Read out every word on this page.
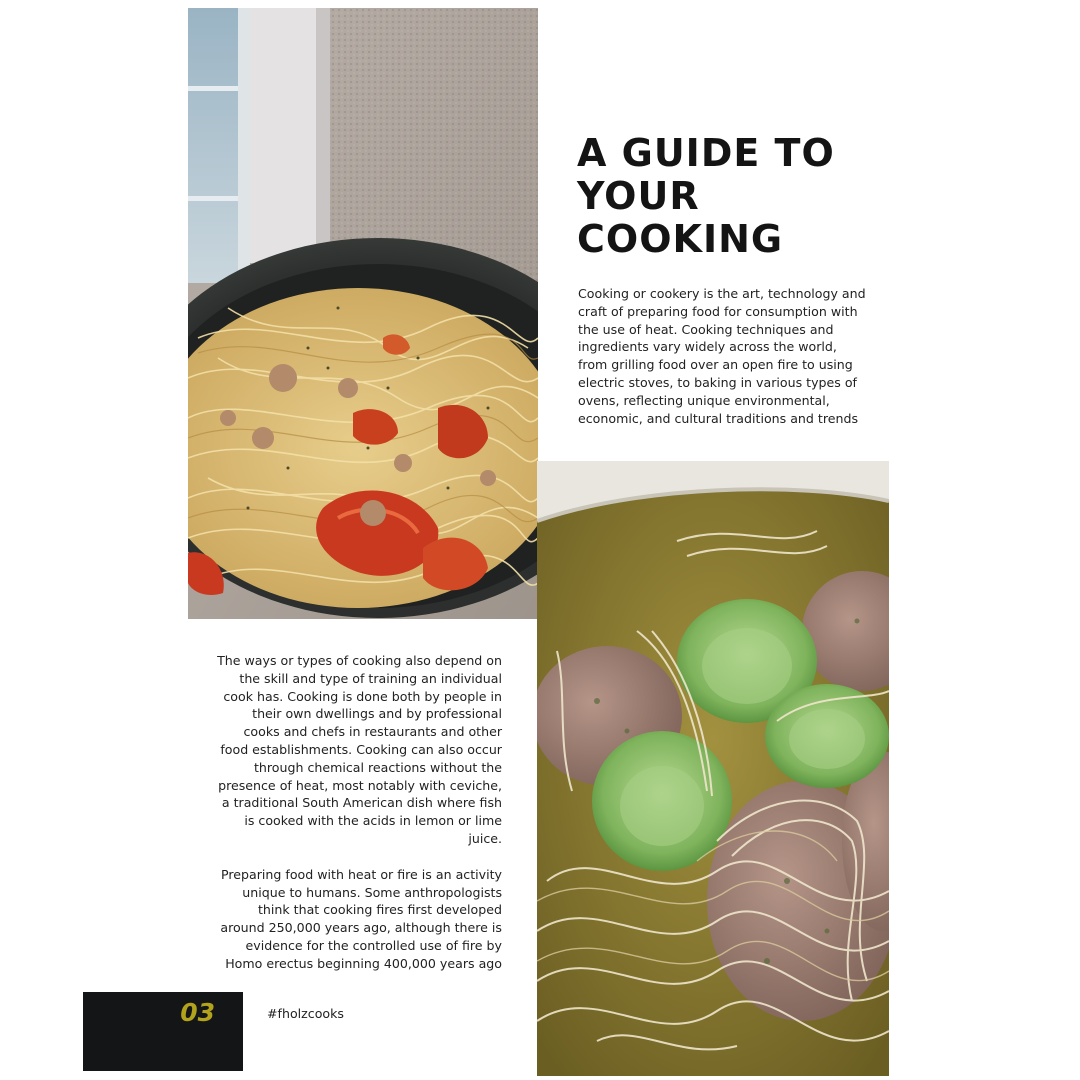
A GUIDE TO YOUR COOKING

Cooking or cookery is the art, technology and craft of preparing food for consumption with the use of heat. Cooking techniques and ingredients vary widely across the world, from grilling food over an open fire to using electric stoves, to baking in various types of ovens, reflecting unique environmental, economic, and cultural traditions and trends

The ways or types of cooking also depend on the skill and type of training an individual cook has. Cooking is done both by people in their own dwellings and by professional cooks and chefs in restaurants and other food establishments. Cooking can also occur through chemical reactions without the presence of heat, most notably with ceviche, a traditional South American dish where fish is cooked with the acids in lemon or lime juice.

Preparing food with heat or fire is an activity unique to humans. Some anthropologists think that cooking fires first developed around 250,000 years ago, although there is evidence for the controlled use of fire by Homo erectus beginning 400,000 years ago

03	#fholzcooks
